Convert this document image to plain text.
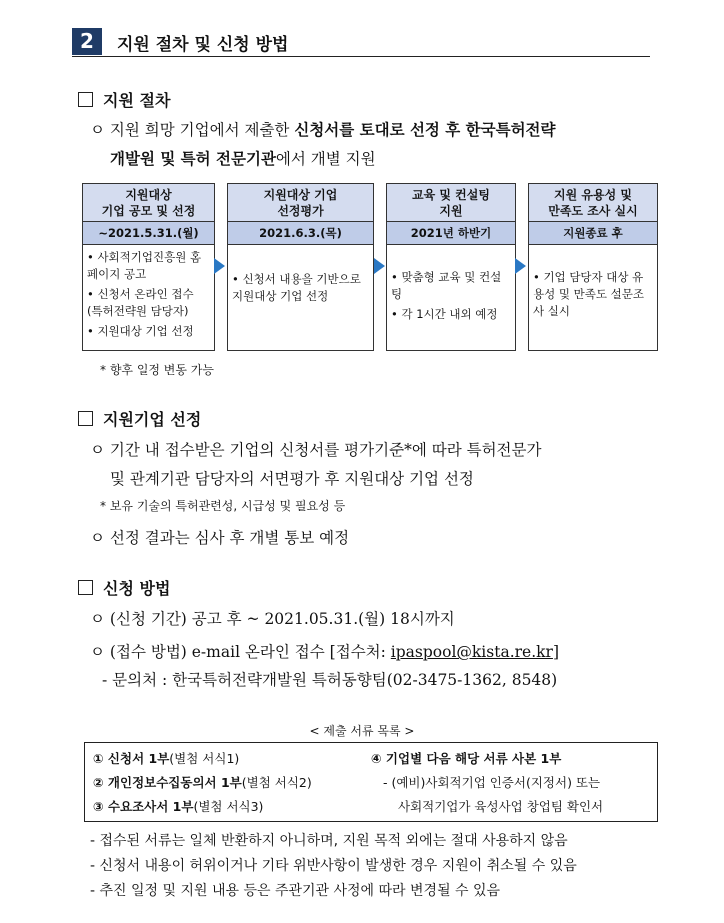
2	지원 절차 및 신청 방법
지원 절차
ㅇ 지원 희망 기업에서 제출한 신청서를 토대로 선정 후 한국특허전략
개발원 및 특허 전문기관에서 개별 지원
지원대상
기업 공모 및 선정
~2021.5.31.(월)
• 사회적기업진흥원 홈페이지 공고
• 신청서 온라인 접수 (특허전략원 담당자)
• 지원대상 기업 선정
지원대상 기업
선정평가
2021.6.3.(목)
• 신청서 내용을 기반으로 지원대상 기업 선정
교육 및 컨설팅
지원
2021년 하반기
• 맞춤형 교육 및 컨설팅
• 각 1시간 내외 예정
지원 유용성 및
만족도 조사 실시
지원종료 후
• 기업 담당자 대상 유용성 및 만족도 설문조사 실시
* 향후 일정 변동 가능
지원기업 선정
ㅇ 기간 내 접수받은 기업의 신청서를 평가기준*에 따라 특허전문가
및 관계기관 담당자의 서면평가 후 지원대상 기업 선정
* 보유 기술의 특허관련성, 시급성 및 필요성 등
ㅇ 선정 결과는 심사 후 개별 통보 예정
신청 방법
ㅇ (신청 기간) 공고 후 ~ 2021.05.31.(월) 18시까지
ㅇ (접수 방법) e-mail 온라인 접수 [접수처: ipaspool@kista.re.kr]
- 문의처 : 한국특허전략개발원 특허동향팀(02-3475-1362, 8548)
< 제출 서류 목록 >
① 신청서 1부(별첨 서식1)
② 개인정보수집동의서 1부(별첨 서식2)
③ 수요조사서 1부(별첨 서식3)
④ 기업별 다음 해당 서류 사본 1부
- (예비)사회적기업 인증서(지정서) 또는
사회적기업가 육성사업 창업팀 확인서
- 접수된 서류는 일체 반환하지 아니하며, 지원 목적 외에는 절대 사용하지 않음
- 신청서 내용이 허위이거나 기타 위반사항이 발생한 경우 지원이 취소될 수 있음
- 추진 일정 및 지원 내용 등은 주관기관 사정에 따라 변경될 수 있음
